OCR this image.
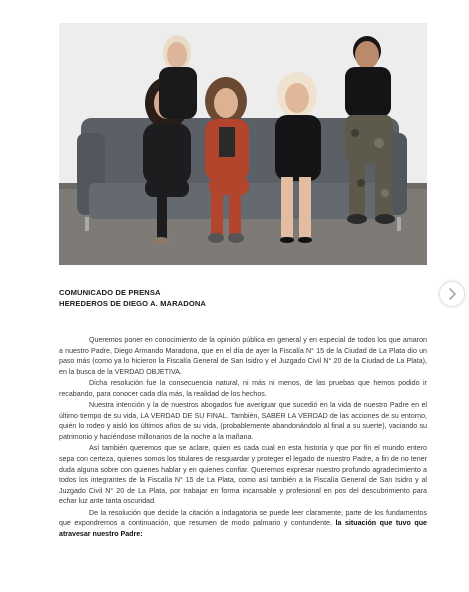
COMUNICADO DE PRENSA
HEREDEROS DE DIEGO A. MARADONA

Queremos poner en conocimiento de la opinión pública en general y en especial de todos los que amaron a nuestro Padre, Diego Armando Maradona, que en el día de ayer la Fiscalía N° 15 de la Ciudad de La Plata dio un paso más (como ya lo hicieron la Fiscalía General de San Isidro y el Juzgado Civil N° 20 de la Ciudad de La Plata), en la busca de la VERDAD OBJETIVA.

Dicha resolución fue la consecuencia natural, ni más ni menos, de las pruebas que hemos podido ir recabando, para conocer cada día más, la realidad de los hechos.

Nuestra intención y la de nuestros abogados fue averiguar que sucedió en la vida de nuestro Padre en el último tiempo de su vida, LA VERDAD DE SU FINAL. También, SABER LA VERDAD de las acciones de su entorno, quién lo rodeo y aisló los últimos años de su vida, (probablemente abandonándolo al final a su suerte), vaciando su patrimonio y haciéndose millonarios de la noche a la mañana.

Así también queremos que se aclare, quien es cada cual en esta historia y que por fin el mundo entero sepa con certeza, quienes somos los titulares de resguardar y proteger el legado de nuestro Padre, a fin de no tener duda alguna sobre con quienes hablar y en quienes confiar. Queremos expresar nuestro profundo agradecimiento a todos los integrantes de la Fiscalía N° 15 de La Plata, como así también a la Fiscalía General de San Isidro y al Juzgado Civil N° 20 de La Plata, por trabajar en forma incansable y profesional en pos del descubrimiento para echar luz ante tanta oscuridad.

De la resolución que decide la citación a indagatoria se puede leer claramente, parte de los fundamentos que expondremos a continuación, que resumen de modo palmario y contundente, la situación que tuvo que atravesar nuestro Padre:
